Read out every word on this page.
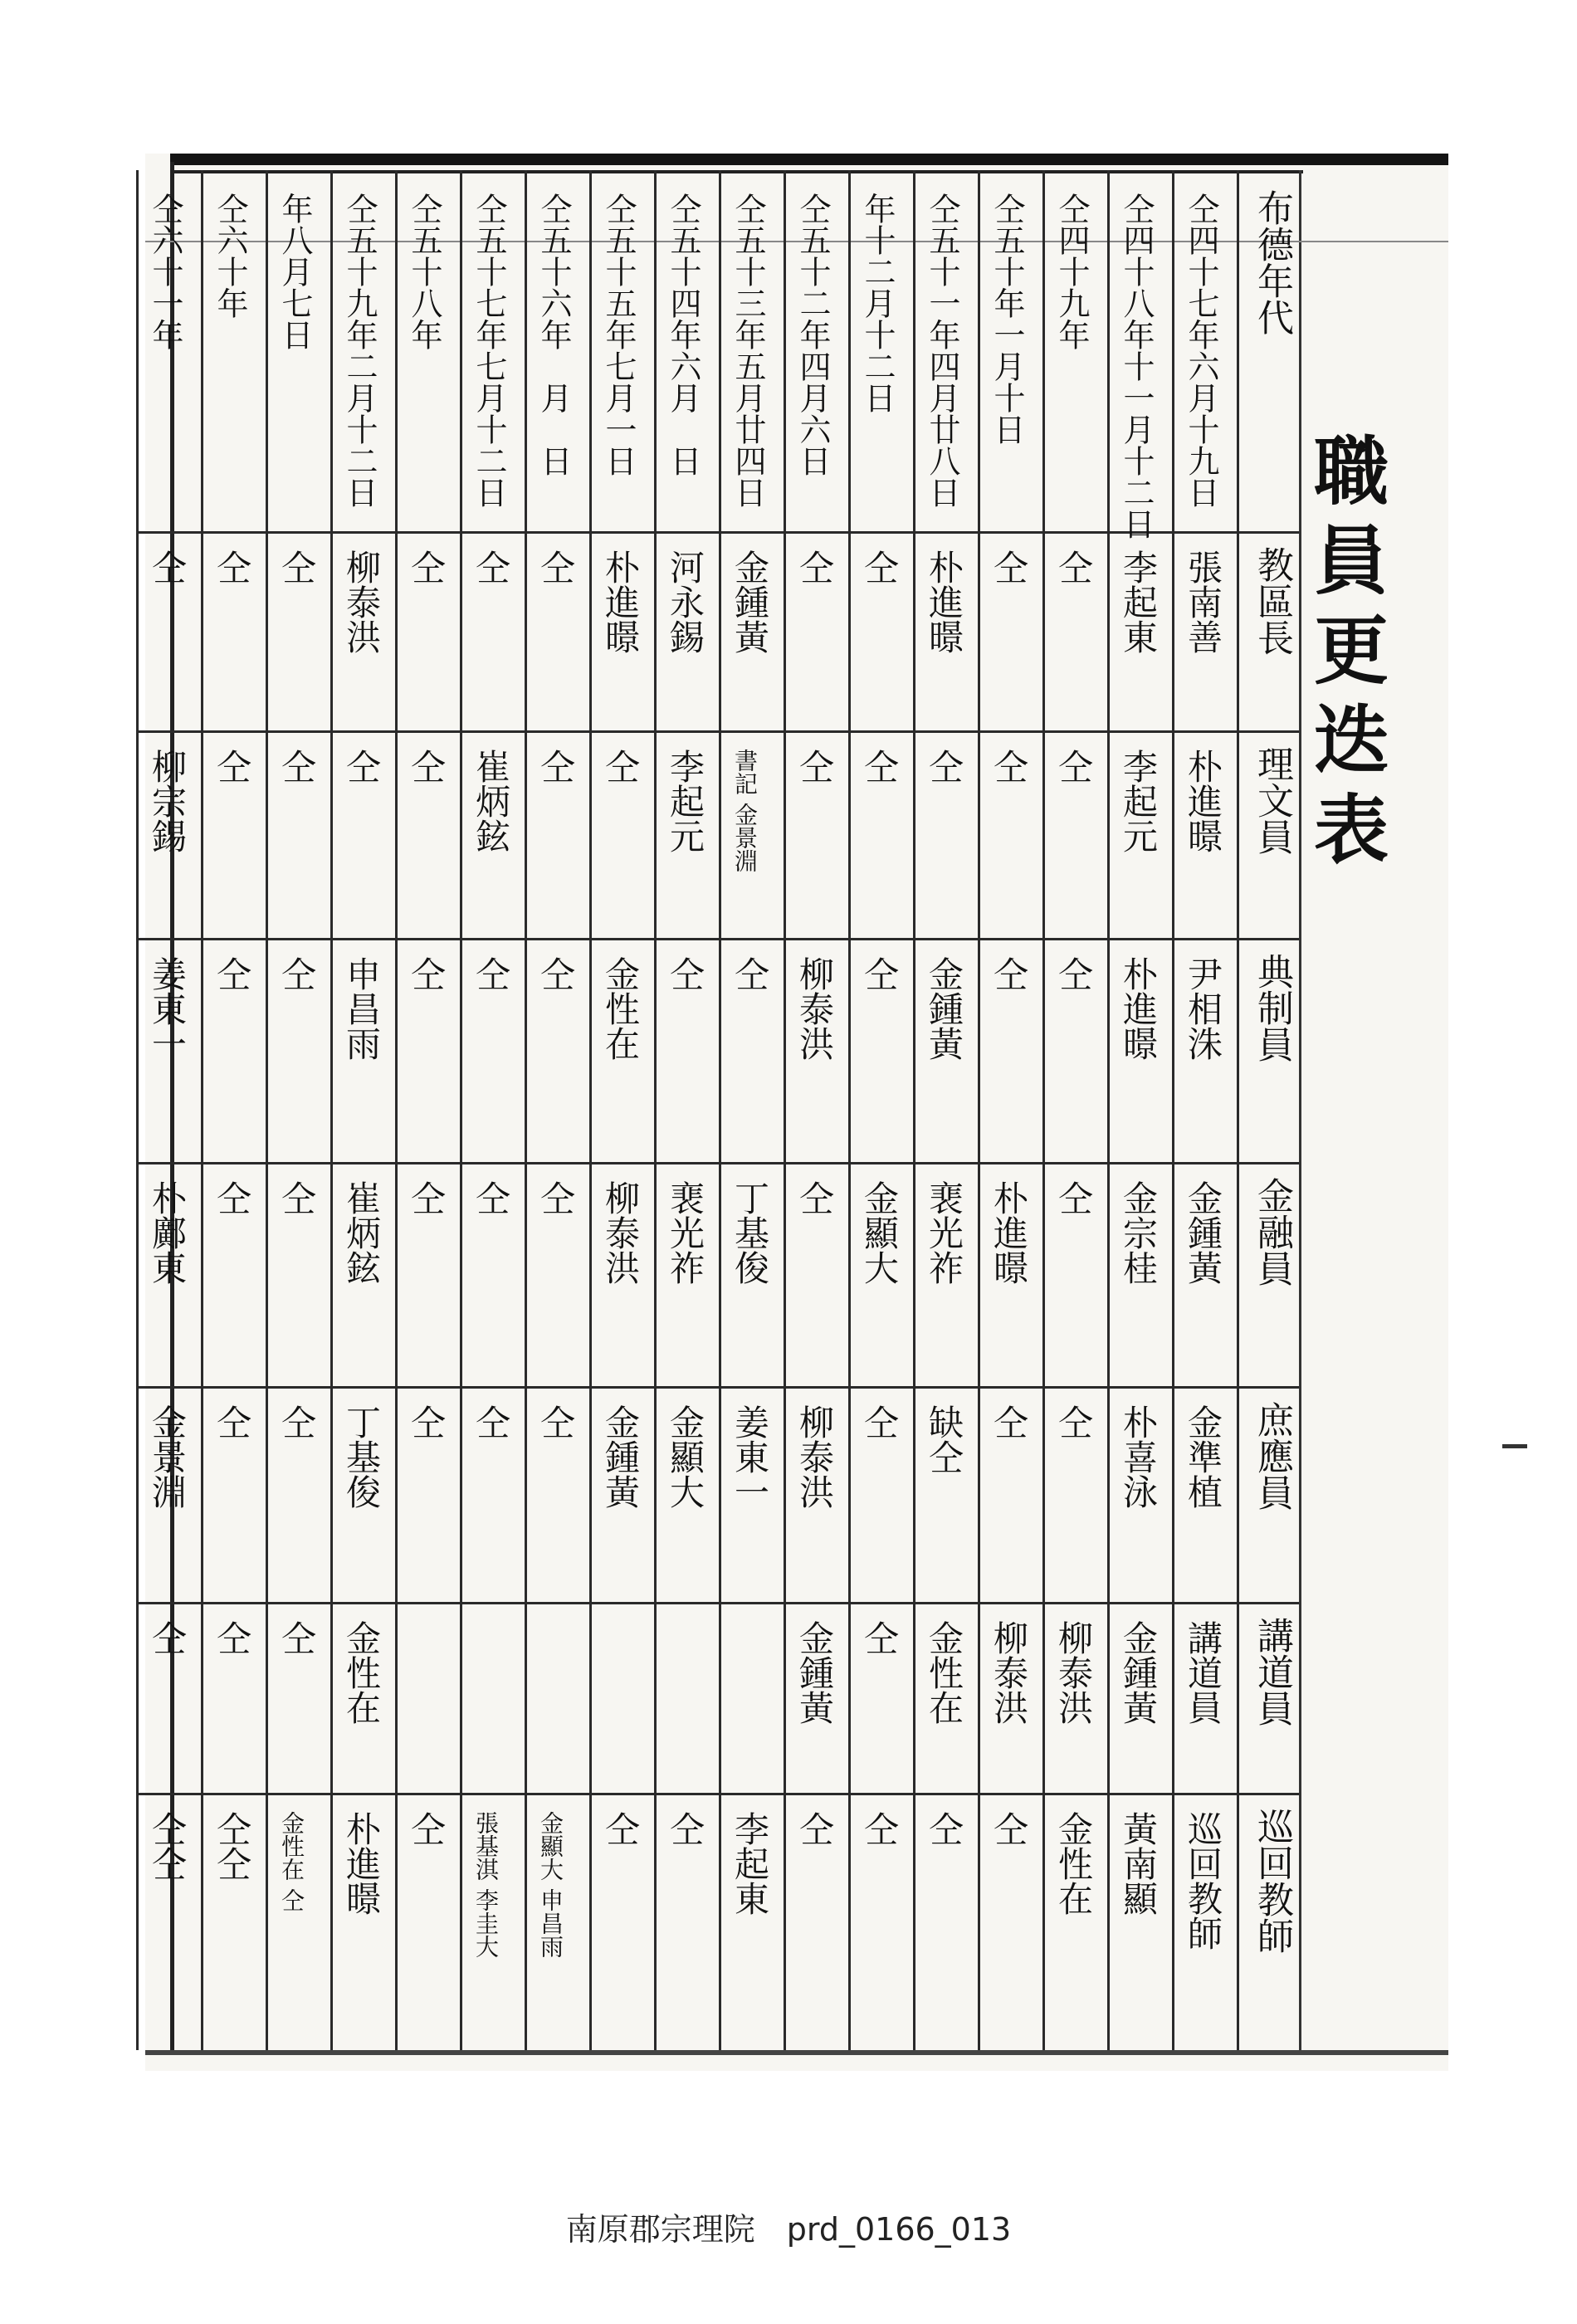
職員更迭表
布德年代
教區長
理文員
典制員
金融員
庶應員
講道員
巡回教師
仝四十七年六月十九日
張南善
朴進暻
尹相洙
金鍾黃
金準植
講道員
巡回教師
仝四十八年十一月十二日
李起東
李起元
朴進暻
金宗桂
朴喜泳
金鍾黃
黃南顯
仝四十九年
仝
仝
仝
仝
仝
柳泰洪
金性在
仝五十年一月十日
仝
仝
仝
朴進暻
仝
柳泰洪
仝
仝五十一年四月廿八日
朴進暻
仝
金鍾黃
裵光祚
缺仝
金性在
仝
年十二月十二日
仝
仝
仝
金顯大
仝
仝
仝
仝五十二年四月六日
仝
仝
柳泰洪
仝
柳泰洪
金鍾黃
仝
仝五十三年五月廿四日
金鍾黃
書記 金景淵
仝
丁基俊
姜東一
李起東
仝五十四年六月　日
河永錫
李起元
仝
裵光祚
金顯大
仝
仝五十五年七月一日
朴進暻
仝
金性在
柳泰洪
金鍾黃
仝
仝五十六年　月　日
仝
仝
仝
仝
仝
金顯大 申昌雨
仝五十七年七月十二日
仝
崔炳鉉
仝
仝
仝
張基淇 李圭大
仝五十八年
仝
仝
仝
仝
仝
仝
仝五十九年二月十二日
柳泰洪
仝
申昌雨
崔炳鉉
丁基俊
金性在
朴進暻
年八月七日
仝
仝
仝
仝
仝
仝
金性在 仝
仝六十年
仝
仝
仝
仝
仝
仝
仝仝
仝六十一年
仝
柳宗錫
姜東一
朴鄺東
金景淵
仝
仝仝
南原郡宗理院　prd_0166_013
